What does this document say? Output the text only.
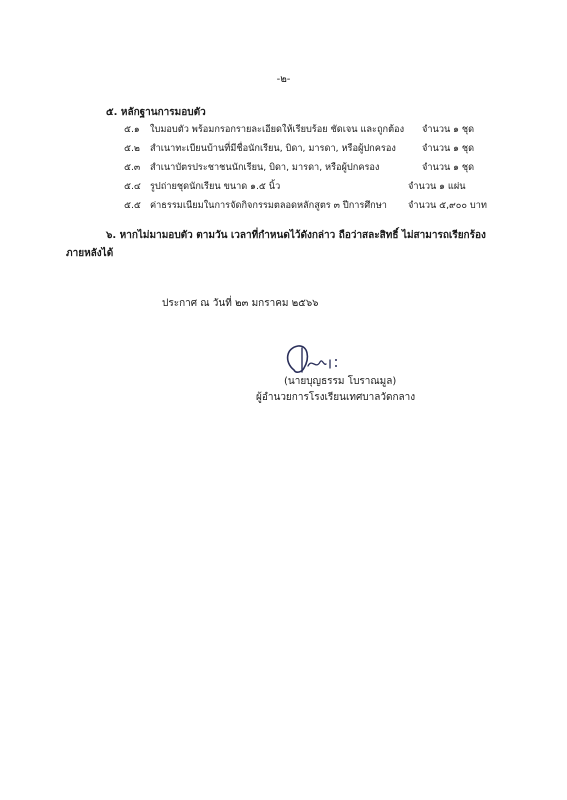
-๒-
๕. หลักฐานการมอบตัว
๕.๑ ใบมอบตัว พร้อมกรอกรายละเอียดให้เรียบร้อย ชัดเจน และถูกต้อง จำนวน ๑ ชุด
๕.๒ สำเนาทะเบียนบ้านที่มีชื่อนักเรียน, บิดา, มารดา, หรือผู้ปกครอง	จำนวน ๑ ชุด
๕.๓ สำเนาบัตรประชาชนนักเรียน, บิดา, มารดา, หรือผู้ปกครอง	จำนวน ๑ ชุด
๕.๔ รูปถ่ายชุดนักเรียน ขนาด ๑.๕ นิ้ว	จำนวน ๑ แผ่น
๕.๕ ค่าธรรมเนียมในการจัดกิจกรรมตลอดหลักสูตร ๓ ปีการศึกษา จำนวน ๕,๙๐๐ บาท
๖. หากไม่มามอบตัว ตามวัน เวลาที่กำหนดไว้ดังกล่าว ถือว่าสละสิทธิ์ ไม่สามารถเรียกร้อง
ภายหลังได้
ประกาศ ณ วันที่ ๒๓ มกราคม ๒๕๖๖
(นายบุญธรรม โบราณมูล)
ผู้อำนวยการโรงเรียนเทศบาลวัดกลาง
